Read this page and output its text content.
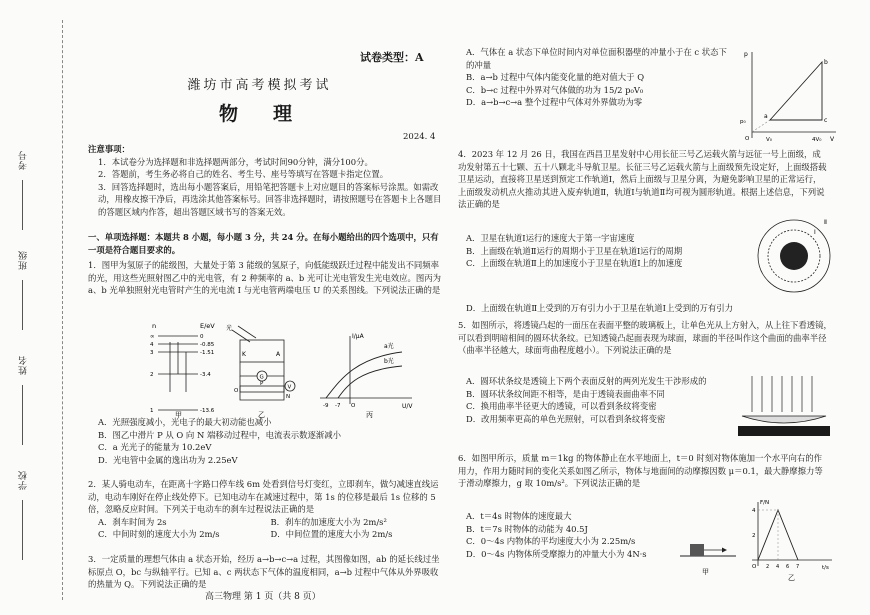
学校
姓名
班级
考号
试卷类型：A
潍坊市高考模拟考试
物　理
2024. 4

注意事项：

1．本试卷分为选择题和非选择题两部分，考试时间90分钟，满分100分。

2．答题前，考生务必将自己的姓名、考生号、座号等填写在答题卡指定位置。

3．回答选择题时，选出每小题答案后，用铅笔把答题卡上对应题目的答案标号涂黑。如需改动，用橡皮擦干净后，再选涂其他答案标号。回答非选择题时，请按照题号在答题卡上各题目的答题区域内作答，超出答题区域书写的答案无效。

一、单项选择题：本题共 8 小题，每小题 3 分，共 24 分。在每小题给出的四个选项中，只有一项是符合题目要求的。

1．图甲为氢原子的能级图，大量处于第 3 能级的氢原子，向低能级跃迁过程中能发出不同频率的光，用这些光照射图乙中的光电管，有 2 种频率的 a、b 光可让光电管发生光电效应。图丙为 a、b 光单独照射光电管时产生的光电流 I 与光电管两端电压 U 的关系图线。下列说法正确的是

n	E/eV
∞	0
4	-0.85
3	-1.51
2	-3.4
1	-13.6
甲
光
K	A
G
V
P
O
N
乙
I/μA
U/V
-9 -7 O
a光
b光
丙

A．光照强度减小，光电子的最大初动能也减小

B．图乙中滑片 P 从 O 向 N 端移动过程中，电流表示数逐渐减小

C．a 光光子的能量为 10.2eV

D．光电管中金属的逸出功为 2.25eV

2．某人骑电动车，在距离十字路口停车线 6m 处看到信号灯变红，立即刹车，做匀减速直线运动，电动车刚好在停止线处停下。已知电动车在减速过程中，第 1s 的位移是最后 1s 位移的 5 倍，忽略反应时间。下列关于电动车的刹车过程说法正确的是

A．刹车时间为 2s	B．刹车的加速度大小为 2m/s²

C．中间时刻的速度大小为 2m/s	D．中间位置的速度大小为 2m/s

3．一定质量的理想气体由 a 状态开始，经历 a→b→c→a 过程，其图像如图，ab 的延长线过坐标原点 O，bc 与纵轴平行。已知 a、c 两状态下气体的温度相同，a→b 过程中气体从外界吸收的热量为 Q。下列说法正确的是

高三物理 第 1 页（共 8 页）

A．气体在 a 状态下单位时间内对单位面积器壁的冲量小于在 c 状态下的冲量

B．a→b 过程中气体内能变化量的绝对值大于 Q

C．b→c 过程中外界对气体做的功为 15/2 p₀V₀

D．a→b→c→a 整个过程中气体对外界做功为零

p
V
O
a
b
c
p₀
V₀	4V₀

4．2023 年 12 月 26 日，我国在西昌卫星发射中心用长征三号乙运载火箭与远征一号上面级，成功发射第五十七颗、五十八颗北斗导航卫星。长征三号乙运载火箭与上面级预先设定好，上面级搭载卫星运动，直接将卫星送到预定工作轨道Ⅰ，然后上面级与卫星分离，为避免影响卫星的正常运行，上面级发动机点火推动其进入废弃轨道Ⅱ，轨道Ⅰ与轨道Ⅱ均可视为圆形轨道。根据上述信息，下列说法正确的是

A．卫星在轨道Ⅰ运行的速度大于第一宇宙速度

B．上面级在轨道Ⅱ运行的周期小于卫星在轨道Ⅰ运行的周期

C．上面级在轨道Ⅱ上的加速度小于卫星在轨道Ⅰ上的加速度

D．上面级在轨道Ⅱ上受到的万有引力小于卫星在轨道Ⅰ上受到的万有引力

Ⅰ
Ⅱ

5．如图所示，将透镜凸起的一面压在表面平整的玻璃板上，让单色光从上方射入，从上往下看透镜，可以看到明暗相间的圆环状条纹。已知透镜凸起面表现为球面，球面的半径叫作这个曲面的曲率半径（曲率半径越大，球面弯曲程度越小）。下列说法正确的是

A．圆环状条纹是透镜上下两个表面反射的两列光发生干涉形成的

B．圆环状条纹间距不相等，是由于透镜表面曲率不同

C．换用曲率半径更大的透镜，可以看到条纹将变密

D．改用频率更高的单色光照射，可以看到条纹将变密

6．如图甲所示，质量 m＝1kg 的物体静止在水平地面上，t＝0 时刻对物体施加一个水平向右的作用力，作用力随时间的变化关系如图乙所示，物体与地面间的动摩擦因数 μ＝0.1，最大静摩擦力等于滑动摩擦力，g 取 10m/s²。下列说法正确的是

A．t＝4s 时物体的速度最大

B．t＝7s 时物体的动能为 40.5J

C．0～4s 内物体的平均速度大小为 2.25m/s

D．0～4s 内物体所受摩擦力的冲量大小为 4N·s

甲
F/N
t/s
O
4
2
2 4 6 7
乙
